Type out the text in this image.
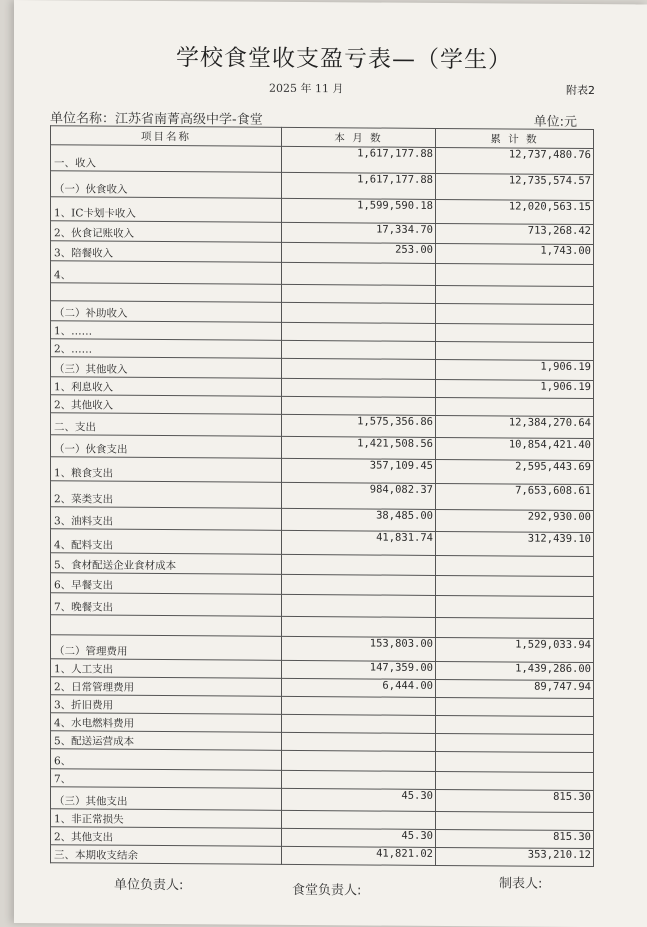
学校食堂收支盈亏表—（学生）
2025 年 11 月	附表2
单位名称：江苏省南菁高级中学-食堂	单位:元
项目名称	本 月 数	累 计 数
一、收入	1,617,177.88	12,737,480.76
（一）伙食收入	1,617,177.88	12,735,574.57
1、IC卡划卡收入	1,599,590.18	12,020,563.15
2、伙食记账收入	17,334.70	713,268.42
3、陪餐收入	253.00	1,743.00
4、		

（二）补助收入		
1、……		
2、……		
（三）其他收入		1,906.19
1、利息收入		1,906.19
2、其他收入		
二、支出	1,575,356.86	12,384,270.64
（一）伙食支出	1,421,508.56	10,854,421.40
1、粮食支出	357,109.45	2,595,443.69
2、菜类支出	984,082.37	7,653,608.61
3、油料支出	38,485.00	292,930.00
4、配料支出	41,831.74	312,439.10
5、食材配送企业食材成本		
6、早餐支出		
7、晚餐支出		

（二）管理费用	153,803.00	1,529,033.94
1、人工支出	147,359.00	1,439,286.00
2、日常管理费用	6,444.00	89,747.94
3、折旧费用		
4、水电燃料费用		
5、配送运营成本		
6、		
7、		
（三）其他支出	45.30	815.30
1、非正常损失		
2、其他支出	45.30	815.30
三、本期收支结余	41,821.02	353,210.12
单位负责人:	食堂负责人:	制表人:
